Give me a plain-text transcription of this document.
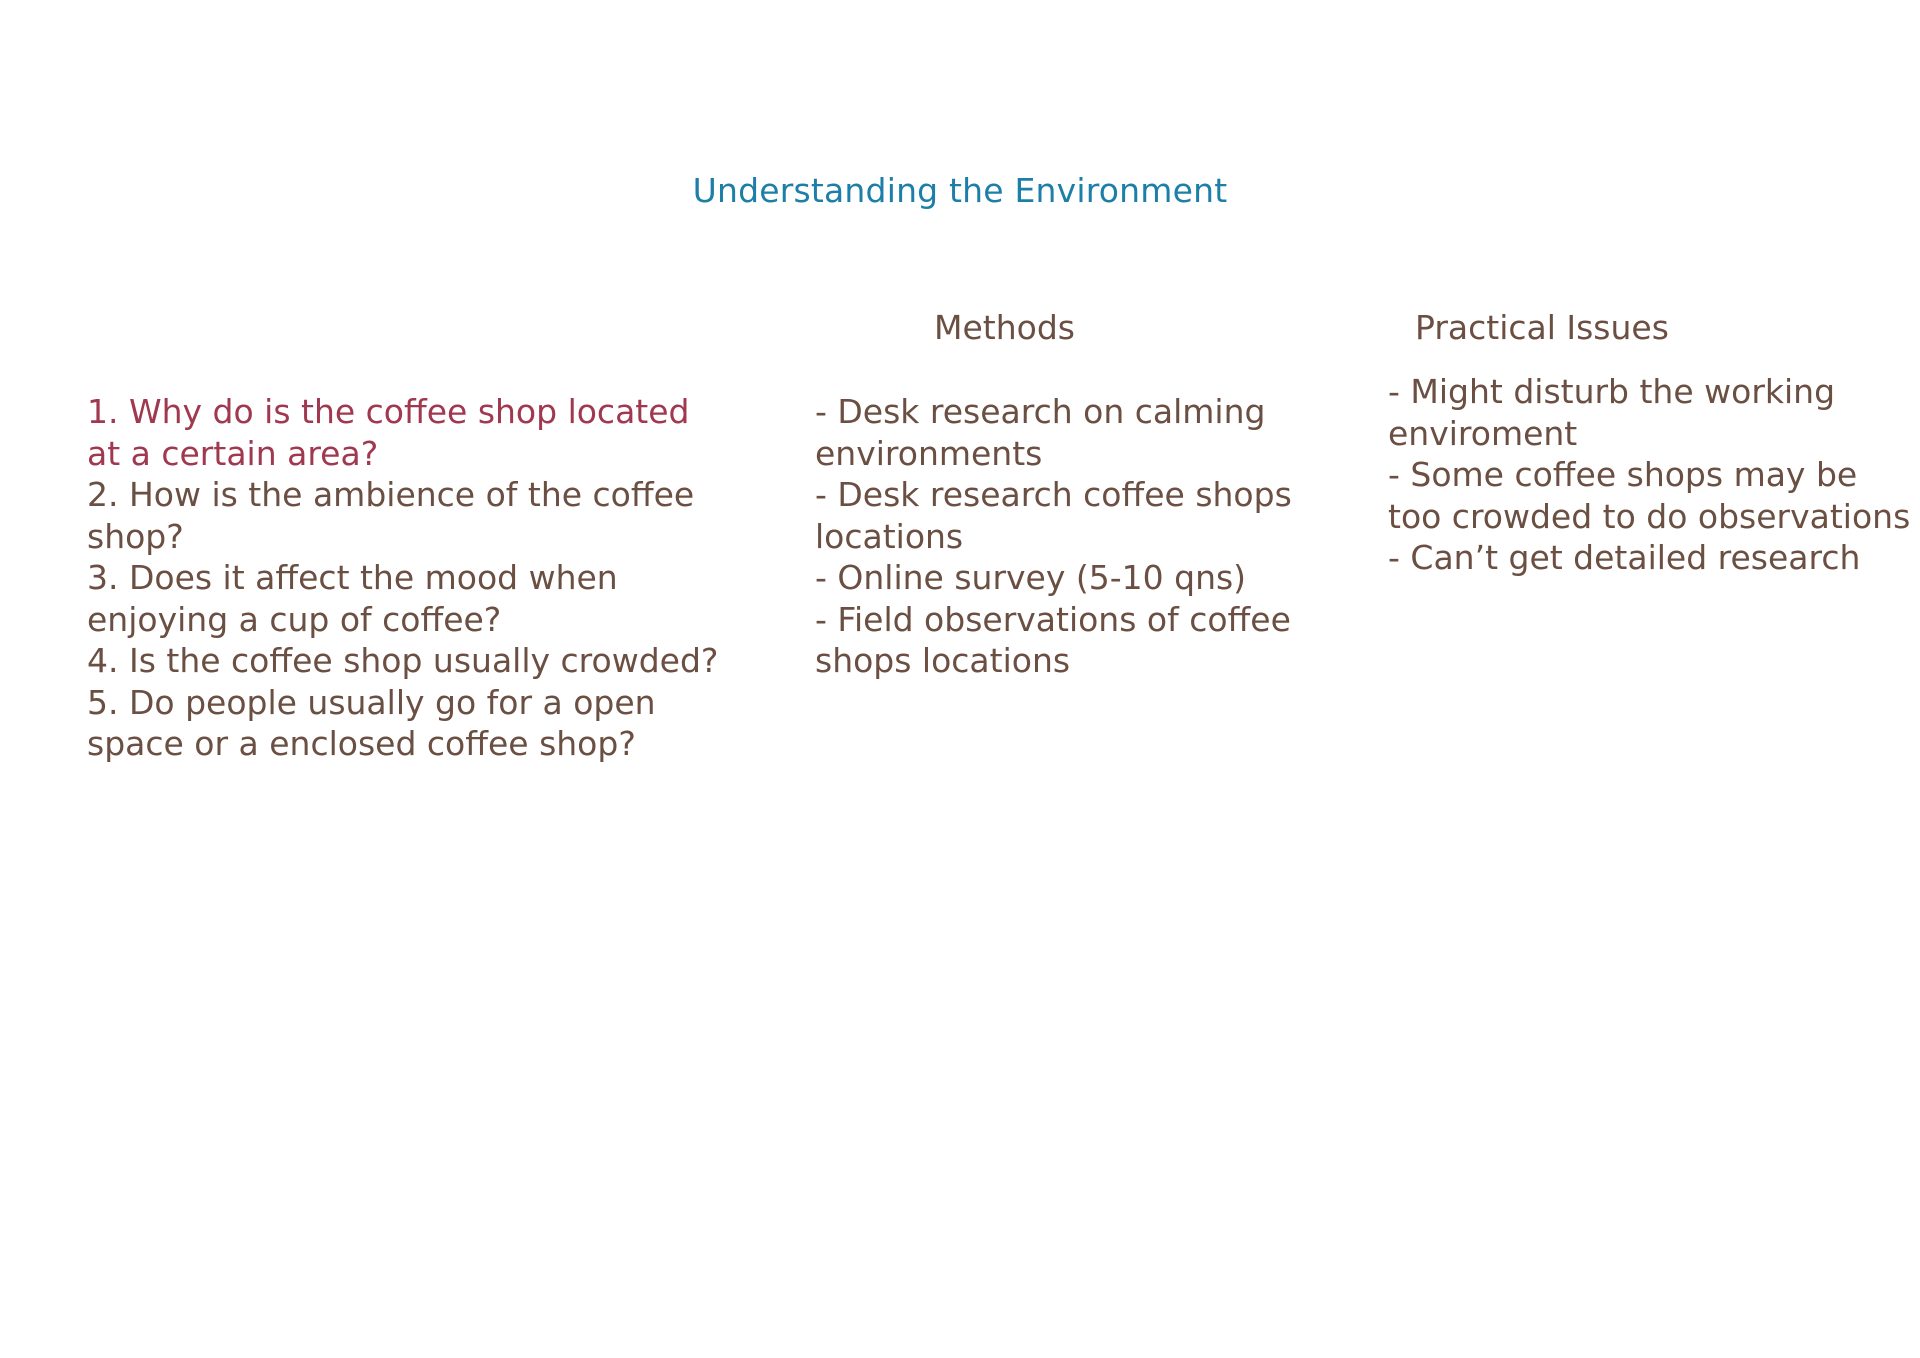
Understanding the Environment
Methods	Practical Issues
1. Why do is the coffee shop located at a certain area?
2. How is the ambience of the coffee shop?
3. Does it affect the mood when enjoying a cup of coffee?
4. Is the coffee shop usually crowded?
5. Do people usually go for a open space or a enclosed coffee shop?
- Desk research on calming environments
- Desk research coffee shops locations
- Online survey (5-10 qns)
- Field observations of coffee shops locations
- Might disturb the working enviroment
- Some coffee shops may be too crowded to do observations
- Can’t get detailed research
